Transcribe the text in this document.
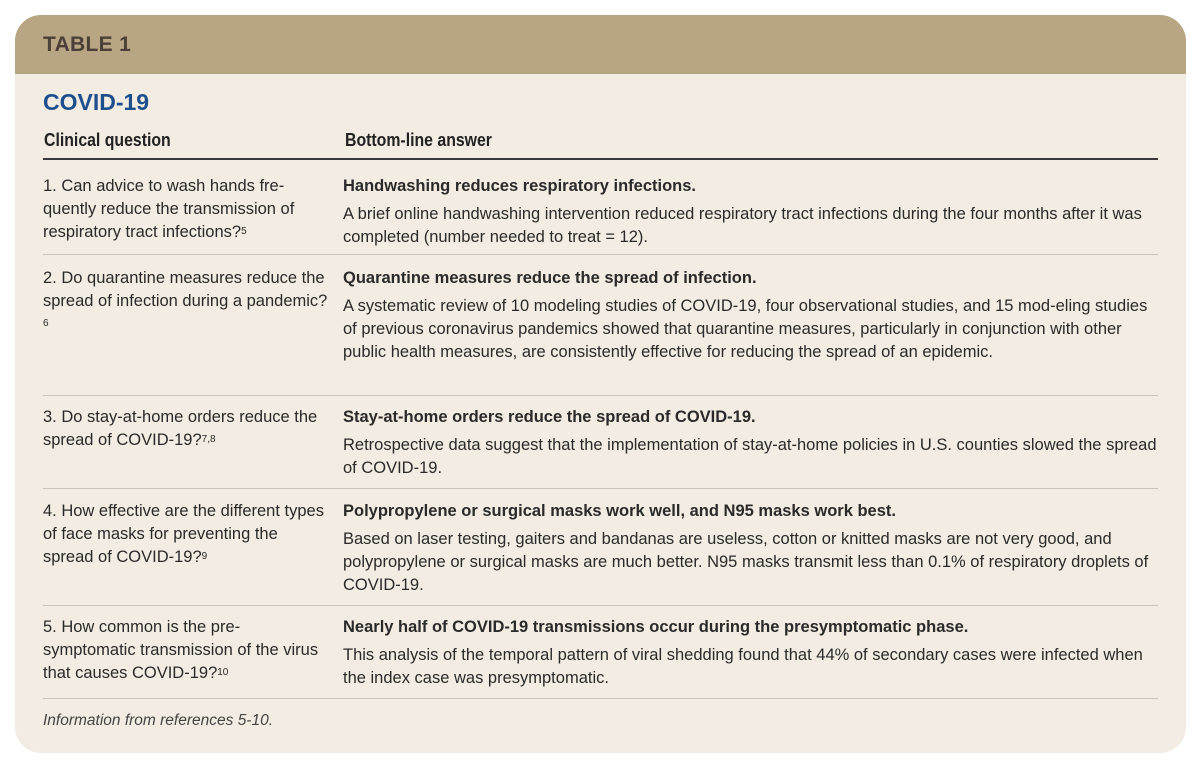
TABLE 1
COVID-19
Clinical question	Bottom-line answer
1. Can advice to wash hands fre-quently reduce the transmission of respiratory tract infections?$^5$
Handwashing reduces respiratory infections.
A brief online handwashing intervention reduced respiratory tract infections during the four months after it was completed (number needed to treat = 12).
2. Do quarantine measures reduce the spread of infection during a pandemic?$^6$
Quarantine measures reduce the spread of infection.
A systematic review of 10 modeling studies of COVID-19, four observational studies, and 15 mod-eling studies of previous coronavirus pandemics showed that quarantine measures, particularly in conjunction with other public health measures, are consistently effective for reducing the spread of an epidemic.
3. Do stay-at-home orders reduce the spread of COVID-19?$^{7,8}$
Stay-at-home orders reduce the spread of COVID-19.
Retrospective data suggest that the implementation of stay-at-home policies in U.S. counties slowed the spread of COVID-19.
4. How effective are the different types of face masks for preventing the spread of COVID-19?$^9$
Polypropylene or surgical masks work well, and N95 masks work best.
Based on laser testing, gaiters and bandanas are useless, cotton or knitted masks are not very good, and polypropylene or surgical masks are much better. N95 masks transmit less than 0.1% of respiratory droplets of COVID-19.
5. How common is the pre-symptomatic transmission of the virus that causes COVID-19?$^{10}$
Nearly half of COVID-19 transmissions occur during the presymptomatic phase.
This analysis of the temporal pattern of viral shedding found that 44% of secondary cases were infected when the index case was presymptomatic.
Information from references 5-10.
